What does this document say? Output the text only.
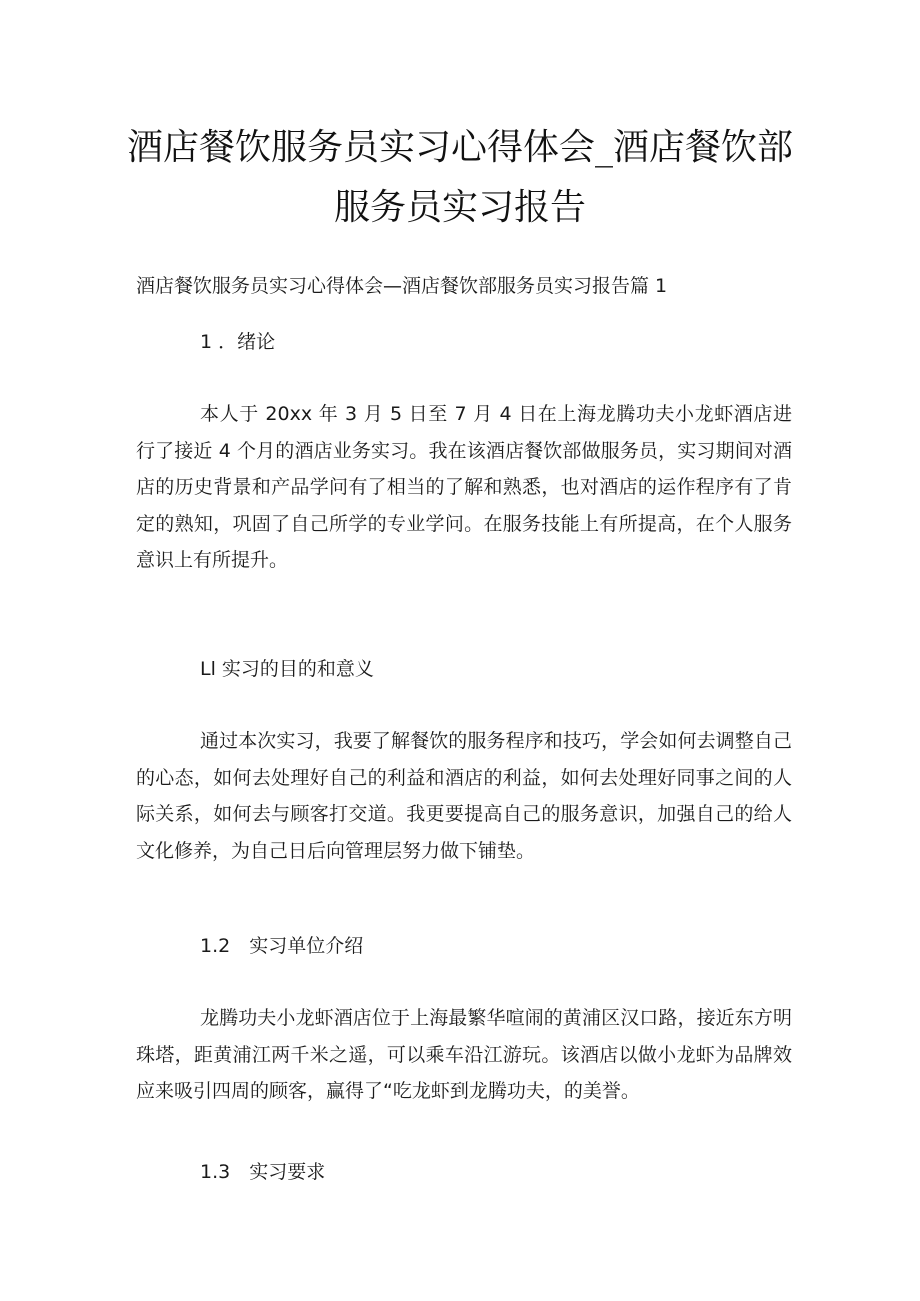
酒店餐饮服务员实习心得体会_酒店餐饮部服务员实习报告

酒店餐饮服务员实习心得体会—酒店餐饮部服务员实习报告篇 1

1 ．绪论

本人于 20xx 年 3 月 5 日至 7 月 4 日在上海龙腾功夫小龙虾酒店进行了接近 4 个月的酒店业务实习。我在该酒店餐饮部做服务员，实习期间对酒店的历史背景和产品学问有了相当的了解和熟悉，也对酒店的运作程序有了肯定的熟知，巩固了自己所学的专业学问。在服务技能上有所提高，在个人服务意识上有所提升。

Ll 实习的目的和意义

通过本次实习，我要了解餐饮的服务程序和技巧，学会如何去调整自己的心态，如何去处理好自己的利益和酒店的利益，如何去处理好同事之间的人际关系，如何去与顾客打交道。我更要提高自己的服务意识，加强自己的给人文化修养，为自己日后向管理层努力做下铺垫。

1.2　实习单位介绍

龙腾功夫小龙虾酒店位于上海最繁华喧闹的黄浦区汉口路，接近东方明珠塔，距黄浦江两千米之遥，可以乘车沿江游玩。该酒店以做小龙虾为品牌效应来吸引四周的顾客，赢得了“吃龙虾到龙腾功夫，的美誉。

1.3　实习要求
